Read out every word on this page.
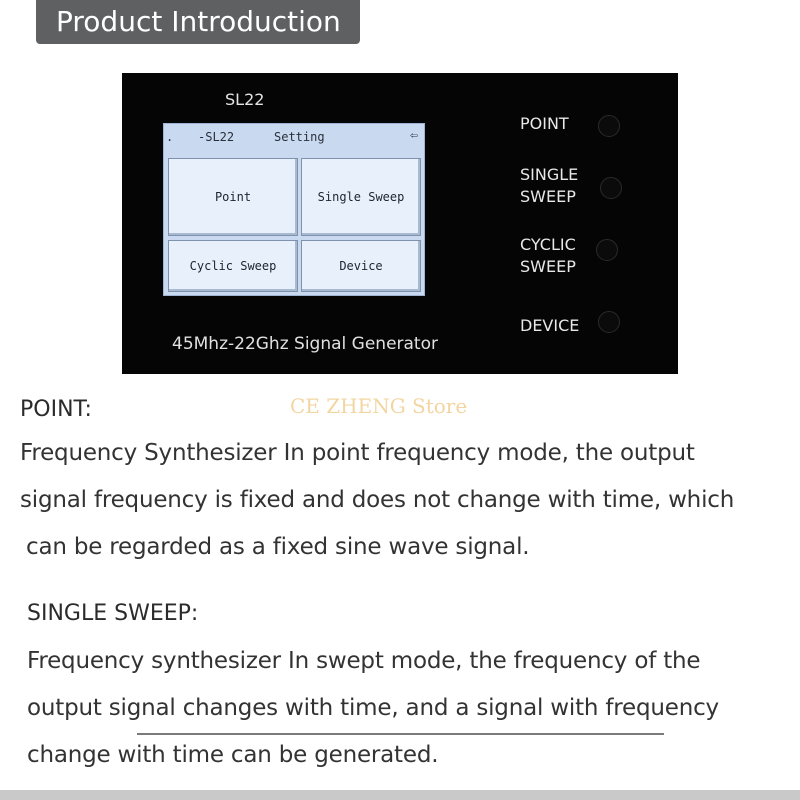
Product Introduction
SL22
. -SL22	Setting	⇦
Point	Single Sweep
Cyclic Sweep	Device
45Mhz-22Ghz Signal Generator
POINT
SINGLE
SWEEP
CYCLIC
SWEEP
DEVICE
CE ZHENG Store
POINT:
Frequency Synthesizer In point frequency mode, the output
signal frequency is fixed and does not change with time, which
can be regarded as a fixed sine wave signal.
SINGLE SWEEP:
Frequency synthesizer In swept mode, the frequency of the
output signal changes with time, and a signal with frequency
change with time can be generated.
